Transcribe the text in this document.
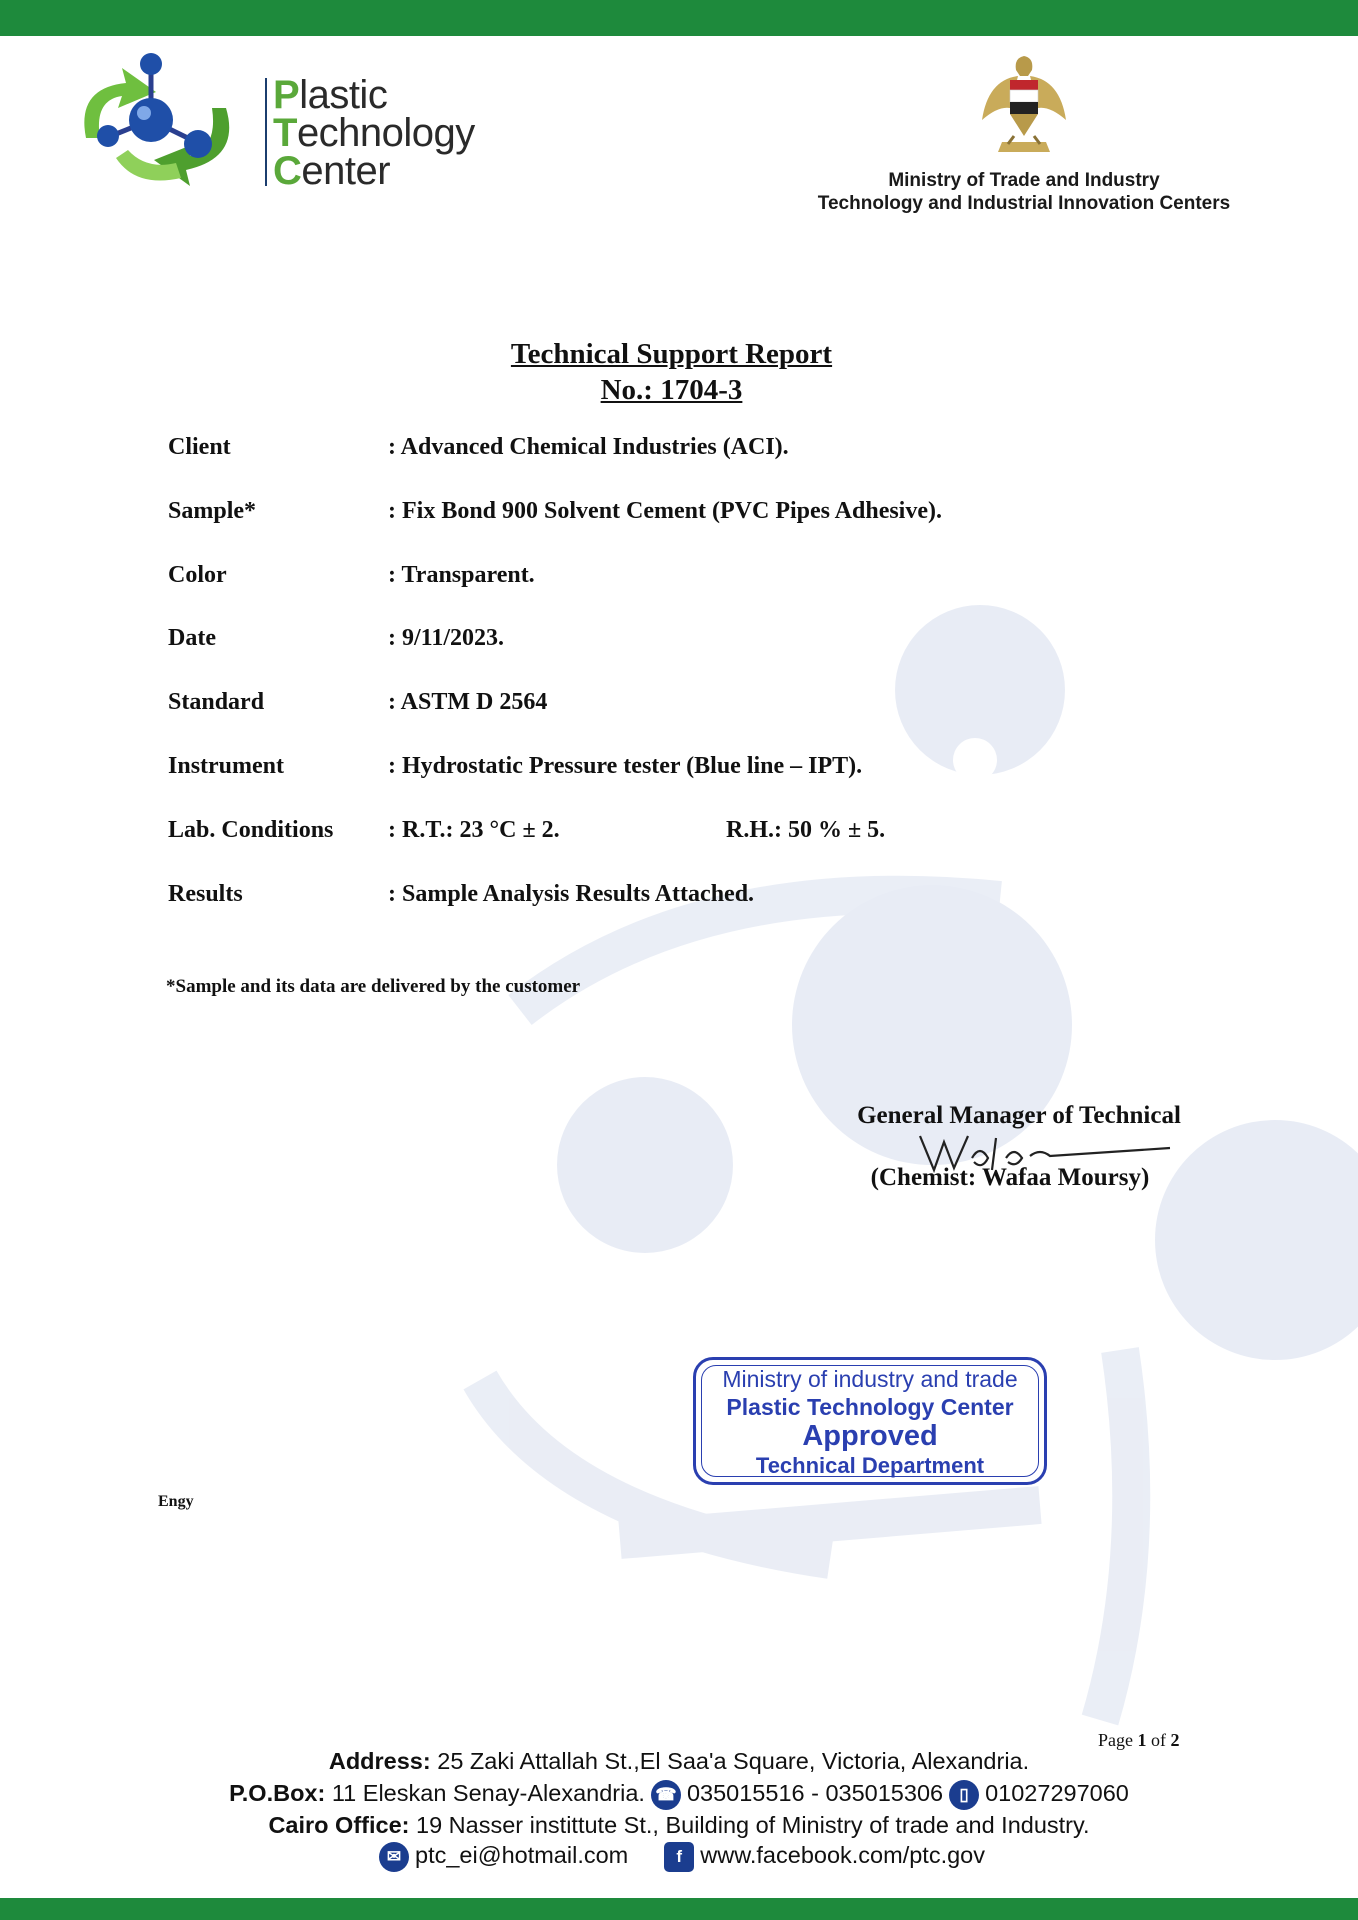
Plastic
Technology
Center	Ministry of Trade and Industry
Technology and Industrial Innovation Centers
Technical Support Report
No.: 1704-3
Client	: Advanced Chemical Industries (ACI).
Sample*	: Fix Bond 900 Solvent Cement (PVC Pipes Adhesive).
Color	: Transparent.
Date	: 9/11/2023.
Standard	: ASTM D 2564
Instrument	: Hydrostatic Pressure tester (Blue line – IPT).
Lab. Conditions : R.T.: 23 °C ± 2.	R.H.: 50 % ± 5.
Results	: Sample Analysis Results Attached.
*Sample and its data are delivered by the customer
General Manager of Technical
(Chemist: Wafaa Moursy)
Ministry of industry and trade
Plastic Technology Center
Approved
Technical Department
Engy
Page 1 of 2
Address: 25 Zaki Attallah St.,El Saa'a Square, Victoria, Alexandria.
P.O.Box: 11 Eleskan Senay-Alexandria. ☎ 035015516 - 035015306 ▯ 01027297060
Cairo Office: 19 Nasser instittute St., Building of Ministry of trade and Industry.
✉ ptc_ei@hotmail.com	f www.facebook.com/ptc.gov
